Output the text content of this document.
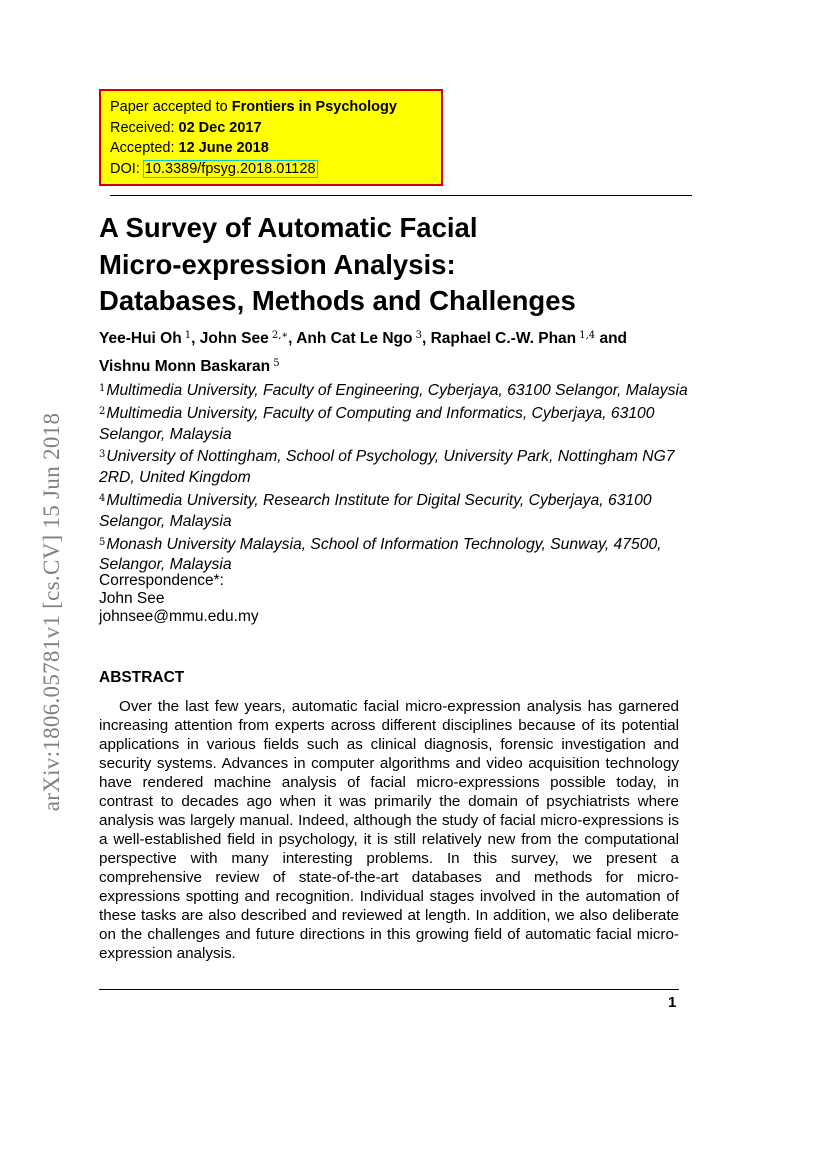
Paper accepted to Frontiers in Psychology
Received: 02 Dec 2017
Accepted: 12 June 2018
DOI: 10.3389/fpsyg.2018.01128
A Survey of Automatic Facial
Micro-expression Analysis:
Databases, Methods and Challenges
Yee-Hui Oh  $^1$, John See  $^{2,∗}$, Anh Cat Le Ngo  $^3$, Raphael C.-W. Phan  $^{1,4}$ and
Vishnu Monn Baskaran  $^5$
$^1$Multimedia University, Faculty of Engineering, Cyberjaya, 63100 Selangor, Malaysia
$^2$Multimedia University, Faculty of Computing and Informatics, Cyberjaya, 63100 Selangor, Malaysia
$^3$University of Nottingham, School of Psychology, University Park, Nottingham NG7 2RD, United Kingdom
$^4$Multimedia University, Research Institute for Digital Security, Cyberjaya, 63100 Selangor, Malaysia
$^5$Monash University Malaysia, School of Information Technology, Sunway, 47500, Selangor, Malaysia
Correspondence*:
John See
johnsee@mmu.edu.my
ABSTRACT
Over the last few years, automatic facial micro-expression analysis has garnered increasing attention from experts across different disciplines because of its potential applications in various fields such as clinical diagnosis, forensic investigation and security systems. Advances in computer algorithms and video acquisition technology have rendered machine analysis of facial micro-expressions possible today, in contrast to decades ago when it was primarily the domain of psychiatrists where analysis was largely manual. Indeed, although the study of facial micro-expressions is a well-established field in psychology, it is still relatively new from the computational perspective with many interesting problems. In this survey, we present a comprehensive review of state-of-the-art databases and methods for micro-expressions spotting and recognition. Individual stages involved in the automation of these tasks are also described and reviewed at length. In addition, we also deliberate on the challenges and future directions in this growing field of automatic facial micro-expression analysis.
1
arXiv:1806.05781v1 [cs.CV] 15 Jun 2018
